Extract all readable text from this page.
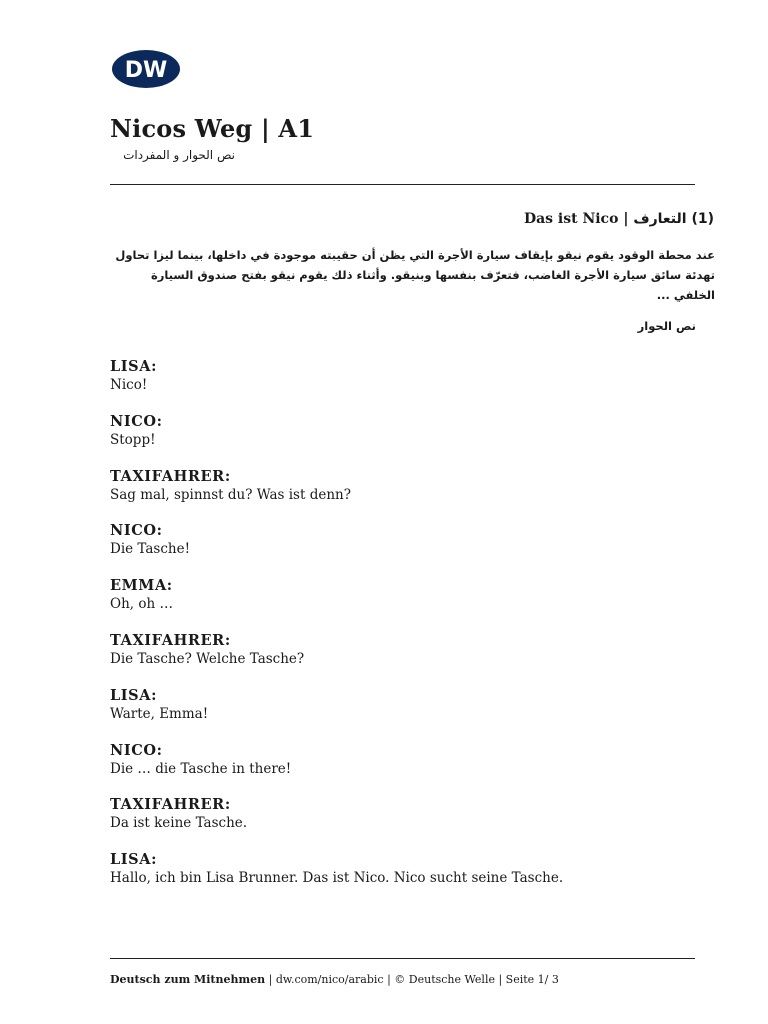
DW
Nicos Weg | A1
نص الحوار و المفردات
Das ist Nico | التعارف (1)
عند محطة الوقود يقوم نيقو بإيقاف سيارة الأجرة التي يظن أن حقيبته موجودة في داخلها، بينما ليزا تحاول تهدئة سائق سيارة الأجرة الغاضب، فتعرّف بنفسها وبنيقو. وأثناء ذلك يقوم نيقو بفتح صندوق السيارة الخلفي ...
نص الحوار
LISA:
Nico!
NICO:
Stopp!
TAXIFAHRER:
Sag mal, spinnst du? Was ist denn?
NICO:
Die Tasche!
EMMA:
Oh, oh …
TAXIFAHRER:
Die Tasche? Welche Tasche?
LISA:
Warte, Emma!
NICO:
Die … die Tasche in there!
TAXIFAHRER:
Da ist keine Tasche.
LISA:
Hallo, ich bin Lisa Brunner. Das ist Nico. Nico sucht seine Tasche.
Deutsch zum Mitnehmen | dw.com/nico/arabic | © Deutsche Welle | Seite 1/ 3
